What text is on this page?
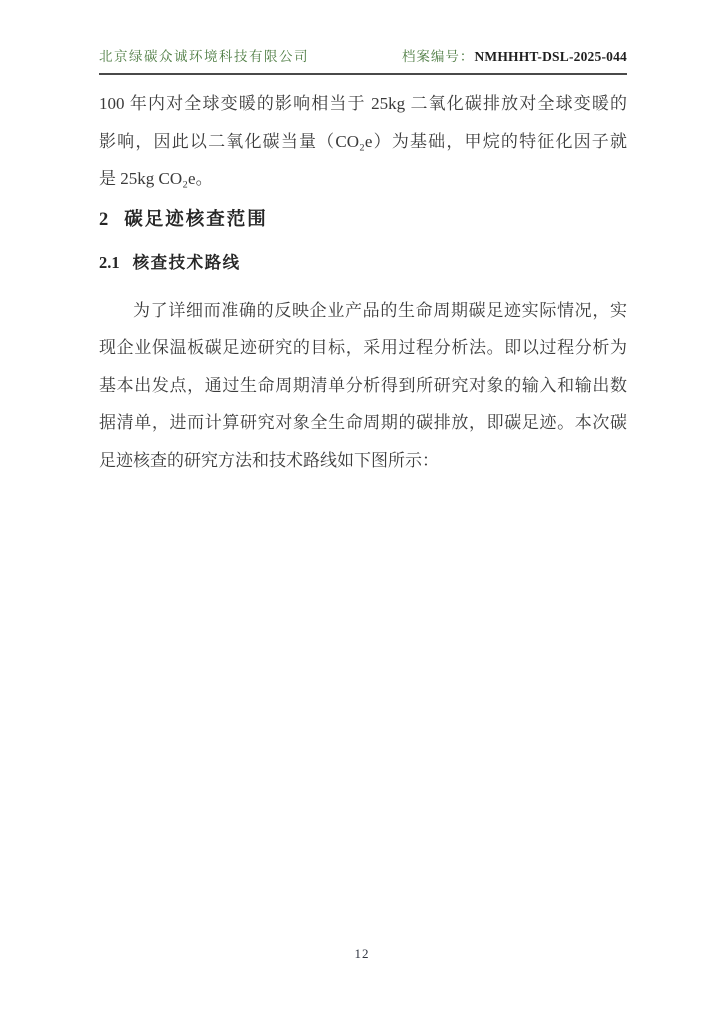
北京绿碳众诚环境科技有限公司	档案编号：NMHHHT-DSL-2025-044
100 年内对全球变暖的影响相当于 25kg 二氧化碳排放对全球变暖的
影响，因此以二氧化碳当量（CO₂e）为基础，甲烷的特征化因子就
是 25kg CO₂e。
2 碳足迹核查范围
2.1 核查技术路线
为了详细而准确的反映企业产品的生命周期碳足迹实际情况，实
现企业保温板碳足迹研究的目标，采用过程分析法。即以过程分析为
基本出发点，通过生命周期清单分析得到所研究对象的输入和输出数
据清单，进而计算研究对象全生命周期的碳排放，即碳足迹。本次碳
足迹核查的研究方法和技术路线如下图所示：
12
